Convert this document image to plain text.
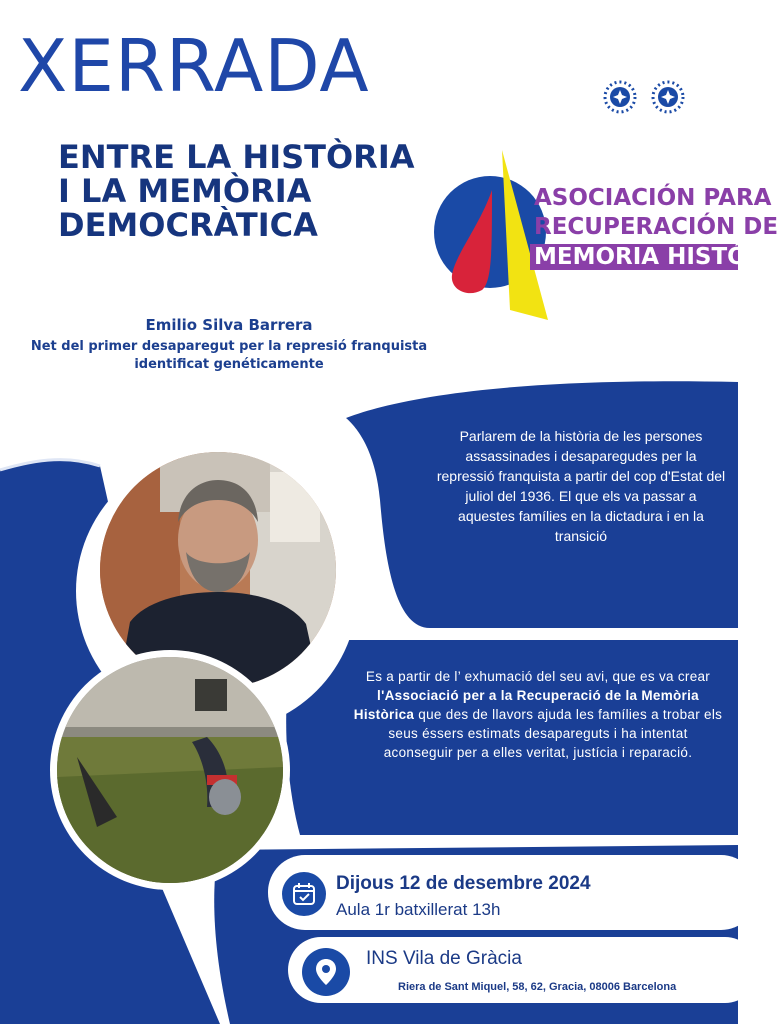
XERRADA
ENTRE LA HISTÒRIA
I LA MEMÒRIA
DEMOCRÀTICA
ASOCIACIÓN PARA
RECUPERACIÓN DE
MEMORIA HISTÓRI
Emilio Silva Barrera
Net del primer desaparegut per la represió franquista
identificat genéticamente
Parlarem de la història de les persones assassinades i desaparegudes per la repressió franquista a partir del cop d'Estat del juliol del 1936. El que els va passar a aquestes famílies en la dictadura i en la transició
Es a partir de l’ exhumació del seu avi, que es va crear l'Associació per a la Recuperació de la Memòria Històrica que des de llavors ajuda les famílies a trobar els seus éssers estimats desapareguts i ha intentat aconseguir per a elles veritat, justícia i reparació.
Dijous 12 de desembre 2024
Aula 1r batxillerat 13h
INS Vila de Gràcia
Riera de Sant Miquel, 58, 62, Gracia, 08006 Barcelona
